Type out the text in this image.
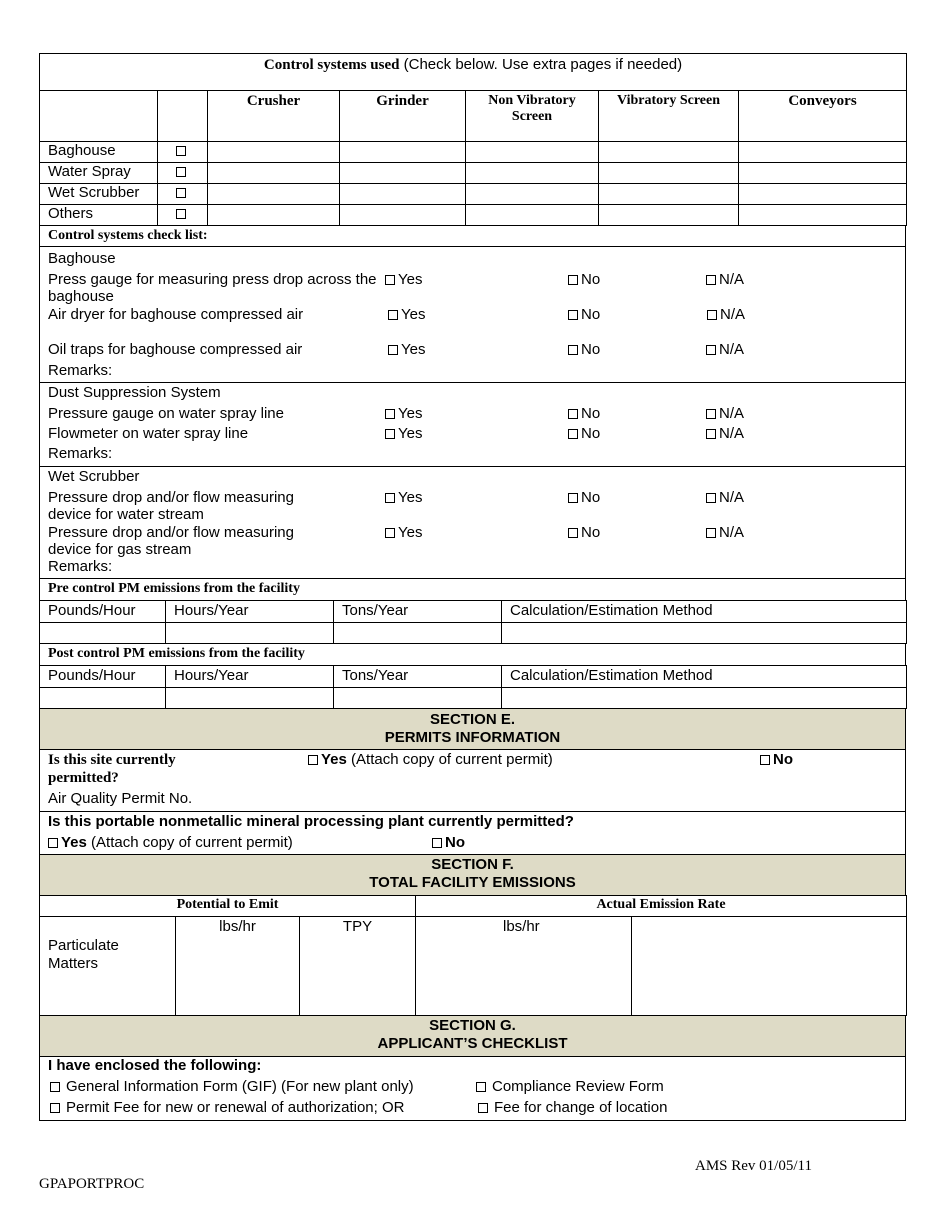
Control systems used (Check below. Use extra pages if needed)						
		Crusher	Grinder	Non Vibratory Screen	Vibratory Screen	Conveyors
Baghouse						
Water Spray						
Wet Scrubber						
Others						
Control systems check list:
Baghouse
Press gauge for measuring press drop across the baghouse
Yes	No	N/A
Air dryer for baghouse compressed air	Yes	No	N/A
Oil traps for baghouse compressed air	Yes	No	N/A
Remarks:
Dust Suppression System
Pressure gauge on water spray line	Yes	No	N/A
Flowmeter on water spray line	Yes	No	N/A
Remarks:
Wet Scrubber
Pressure drop and/or flow measuring device for water stream
Yes	No	N/A
Pressure drop and/or flow measuring device for gas stream
Yes	No	N/A
Remarks:
Pre control PM emissions from the facility
Pounds/Hour	Hours/Year	Tons/Year	Calculation/Estimation Method

Post control PM emissions from the facility
Pounds/Hour	Hours/Year	Tons/Year	Calculation/Estimation Method

SECTION E.
PERMITS INFORMATION
Is this site currently permitted?
Yes (Attach copy of current permit)	No
Air Quality Permit No.
Is this portable nonmetallic mineral processing plant currently permitted?
Yes (Attach copy of current permit)	No
SECTION F.
TOTAL FACILITY EMISSIONS
Potential to Emit			Actual Emission Rate	
Particulate Matters	lbs/hr	TPY	lbs/hr	
SECTION G.
APPLICANT’S CHECKLIST
I have enclosed the following:
General Information Form (GIF) (For new plant only)	Compliance Review Form
Permit Fee for new or renewal of authorization; OR	Fee for change of location
AMS Rev 01/05/11
GPAPORTPROC
